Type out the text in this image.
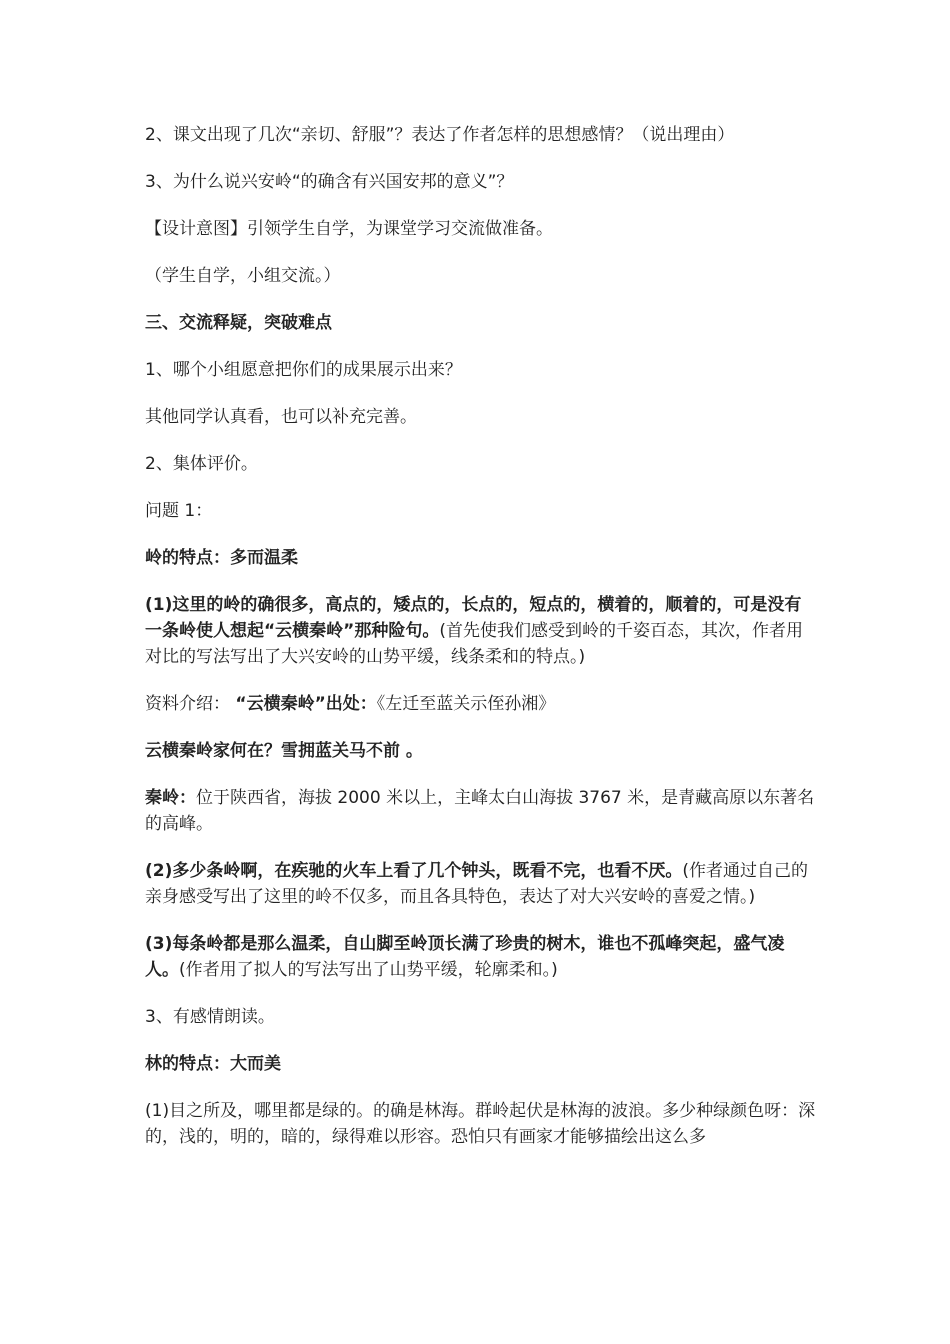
2、课文出现了几次“亲切、舒服”？表达了作者怎样的思想感情？（说出理由）

3、为什么说兴安岭“的确含有兴国安邦的意义”？

【设计意图】引领学生自学，为课堂学习交流做准备。

（学生自学，小组交流。）

三、交流释疑，突破难点

1、哪个小组愿意把你们的成果展示出来？

其他同学认真看，也可以补充完善。

2、集体评价。

问题 1：

岭的特点：多而温柔

(1)这里的岭的确很多，高点的，矮点的，长点的，短点的，横着的，顺着的，可是没有一条岭使人想起“云横秦岭”那种险句。(首先使我们感受到岭的千姿百态，其次，作者用对比的写法写出了大兴安岭的山势平缓，线条柔和的特点。)

资料介绍： “云横秦岭”出处：《左迁至蓝关示侄孙湘》

云横秦岭家何在？雪拥蓝关马不前 。

秦岭：位于陕西省，海拔 2000 米以上，主峰太白山海拔 3767 米，是青藏高原以东著名的高峰。

(2)多少条岭啊，在疾驰的火车上看了几个钟头，既看不完，也看不厌。(作者通过自己的亲身感受写出了这里的岭不仅多，而且各具特色，表达了对大兴安岭的喜爱之情。)

(3)每条岭都是那么温柔，自山脚至岭顶长满了珍贵的树木，谁也不孤峰突起，盛气凌人。(作者用了拟人的写法写出了山势平缓，轮廓柔和。)

3、有感情朗读。

林的特点：大而美

(1)目之所及，哪里都是绿的。的确是林海。群岭起伏是林海的波浪。多少种绿颜色呀：深的，浅的，明的，暗的，绿得难以形容。恐怕只有画家才能够描绘出这么多
